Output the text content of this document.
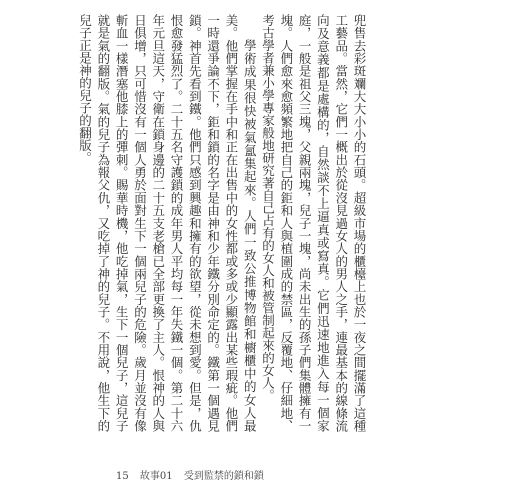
兜售去彩斑斕大大小小的石頭。超級市場的櫃檯上也於一夜之間擺滿了這種工藝品。當然，它們一概出於從沒見過女人的男人之手，連最基本的線條流向及意義都是處構的，自然談不上逼真或寫真。它們迅速地進入每一個家庭，一般是祖父三塊，父親兩塊，兒子一塊，尚未出生的孫子們集體擁有一塊。人們愈來愈頻繁地把自己的鉅和人與植圍成的禁區，反覆地、仔細地、考古學者兼小學專家般地研究著自己占有的女人和被管制起來的女人。

學術成果很快被氣氳集起來。人們一致公推博物館和櫥櫃中的女人最美。他們掌握在手中和正在出售中的女性都或多或少顯露出某些瑕疵。他們一時還爭論不下，鉅和鎖的名字是由神和少年鐵分別命定的。鐵第一個遇見鎖。神首先看到鐵。他們只感到興趣和擁有的欲望，從未想到愛。但是，仇恨愈發猛烈了。二十五名守護鎖的成年男人平均每一年失鐵一個。第二十六年元旦這天，守衛在鎖身邊的二十五支老槍已全部更換了主人。恨神的人與日俱增，只可惜沒有一個人勇於面對生下一個兩兒子的危險。歲月並沒有像斬血一樣潛塞他膝上的彈刺。賜華時機，他吃掉氣，生下一個兒子，這兒子就是氣的翻版。氣的兒子為報父仇，又吃掉了神的兒子。不用說，他生下的兒子正是神的兒子的翻版。

15 故事01 受到監禁的鎖和鎖
